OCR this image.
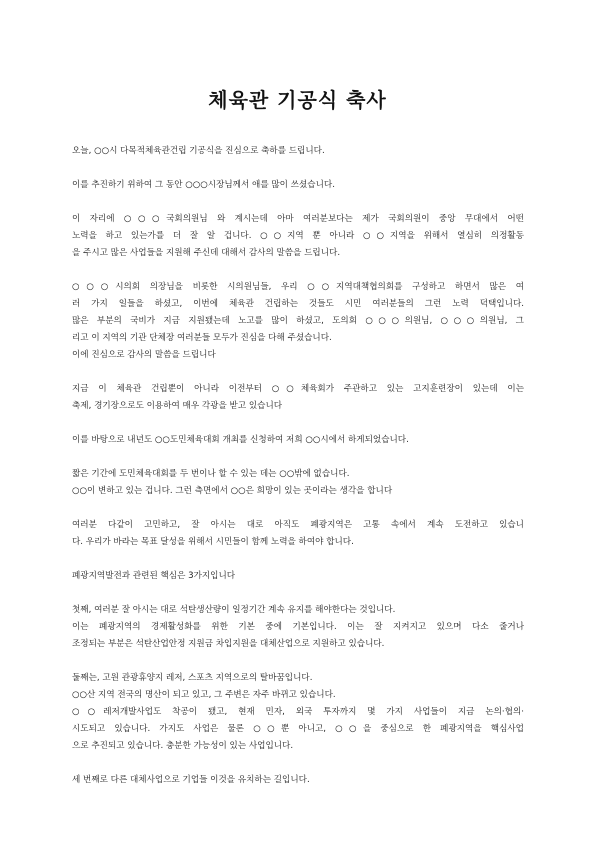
체육관 기공식 축사
오늘, ○○시 다목적체육관건립 기공식을 진심으로 축하를 드립니다.
이를 추진하기 위하여 그 동안 ○○○시장님께서 애를 많이 쓰셨습니다.
이 자리에 ○○○국회의원님 와 계시는데 아마 여러분보다는 제가 국회의원이 중앙 무대에서 어떤
노력을 하고 있는가를 더 잘 알 겁니다. ○○지역 뿐 아니라 ○○지역을 위해서 열심히 의정활동
을 주시고 많은 사업들을 지원해 주신데 대해서 감사의 말씀을 드립니다.
○○○시의회 의장님을 비롯한 시의원님들, 우리 ○○지역대책협의회를 구성하고 하면서 많은 여
러 가지 일들을 하셨고, 이번에 체육관 건립하는 것들도 시민 여러분들의 그런 노력 덕택입니다.
많은 부분의 국비가 지금 지원됐는데 노고를 많이 하셨고, 도의회 ○○○의원님, ○○○의원님, 그
리고 이 지역의 기관 단체장 여러분들 모두가 진심을 다해 주셨습니다.
이에 진심으로 감사의 말씀을 드립니다
지금 이 체육관 건립뿐이 아니라 이전부터 ○○체육회가 주관하고 있는 고지훈련장이 있는데 이는
축제, 경기장으로도 이용하여 매우 각광을 받고 있습니다
이를 바탕으로 내년도 ○○도민체육대회 개최를 신청하여 저희 ○○시에서 하게되었습니다.
짧은 기간에 도민체육대회를 두 번이나 할 수 있는 데는 ○○밖에 없습니다.
○○이 변하고 있는 겁니다. 그런 측면에서 ○○은 희망이 있는 곳이라는 생각을 합니다
여러분 다같이 고민하고, 잘 아시는 대로 아직도 폐광지역은 고통 속에서 계속 도전하고 있습니
다. 우리가 바라는 목표 달성을 위해서 시민들이 함께 노력을 하여야 합니다.
폐광지역발전과 관련된 핵심은 3가지입니다
첫째, 여러분 잘 아시는 대로 석탄생산량이 일정기간 계속 유지를 해야한다는 것입니다.
이는 폐광지역의 경제활성화를 위한 기본 중에 기본입니다. 이는 잘 지켜지고 있으며 다소 줄거나
조정되는 부분은 석탄산업안정 지원금 차입지원을 대체산업으로 지원하고 있습니다.
둘째는, 고원 관광휴양지 레저, 스포츠 지역으로의 탈바꿈입니다.
○○산 지역 전국의 명산이 되고 있고, 그 주변은 자주 바뀌고 있습니다.
○○레저개발사업도 착공이 됐고, 현재 민자, 외국 투자까지 몇 가지 사업들이 지금 논의·협의·
시도되고 있습니다. 가지도 사업은 물론 ○○뿐 아니고, ○○을 중심으로 한 폐광지역을 핵심사업
으로 추진되고 있습니다. 충분한 가능성이 있는 사업입니다.
세 번째로 다른 대체사업으로 기업들 이것을 유치하는 길입니다.
